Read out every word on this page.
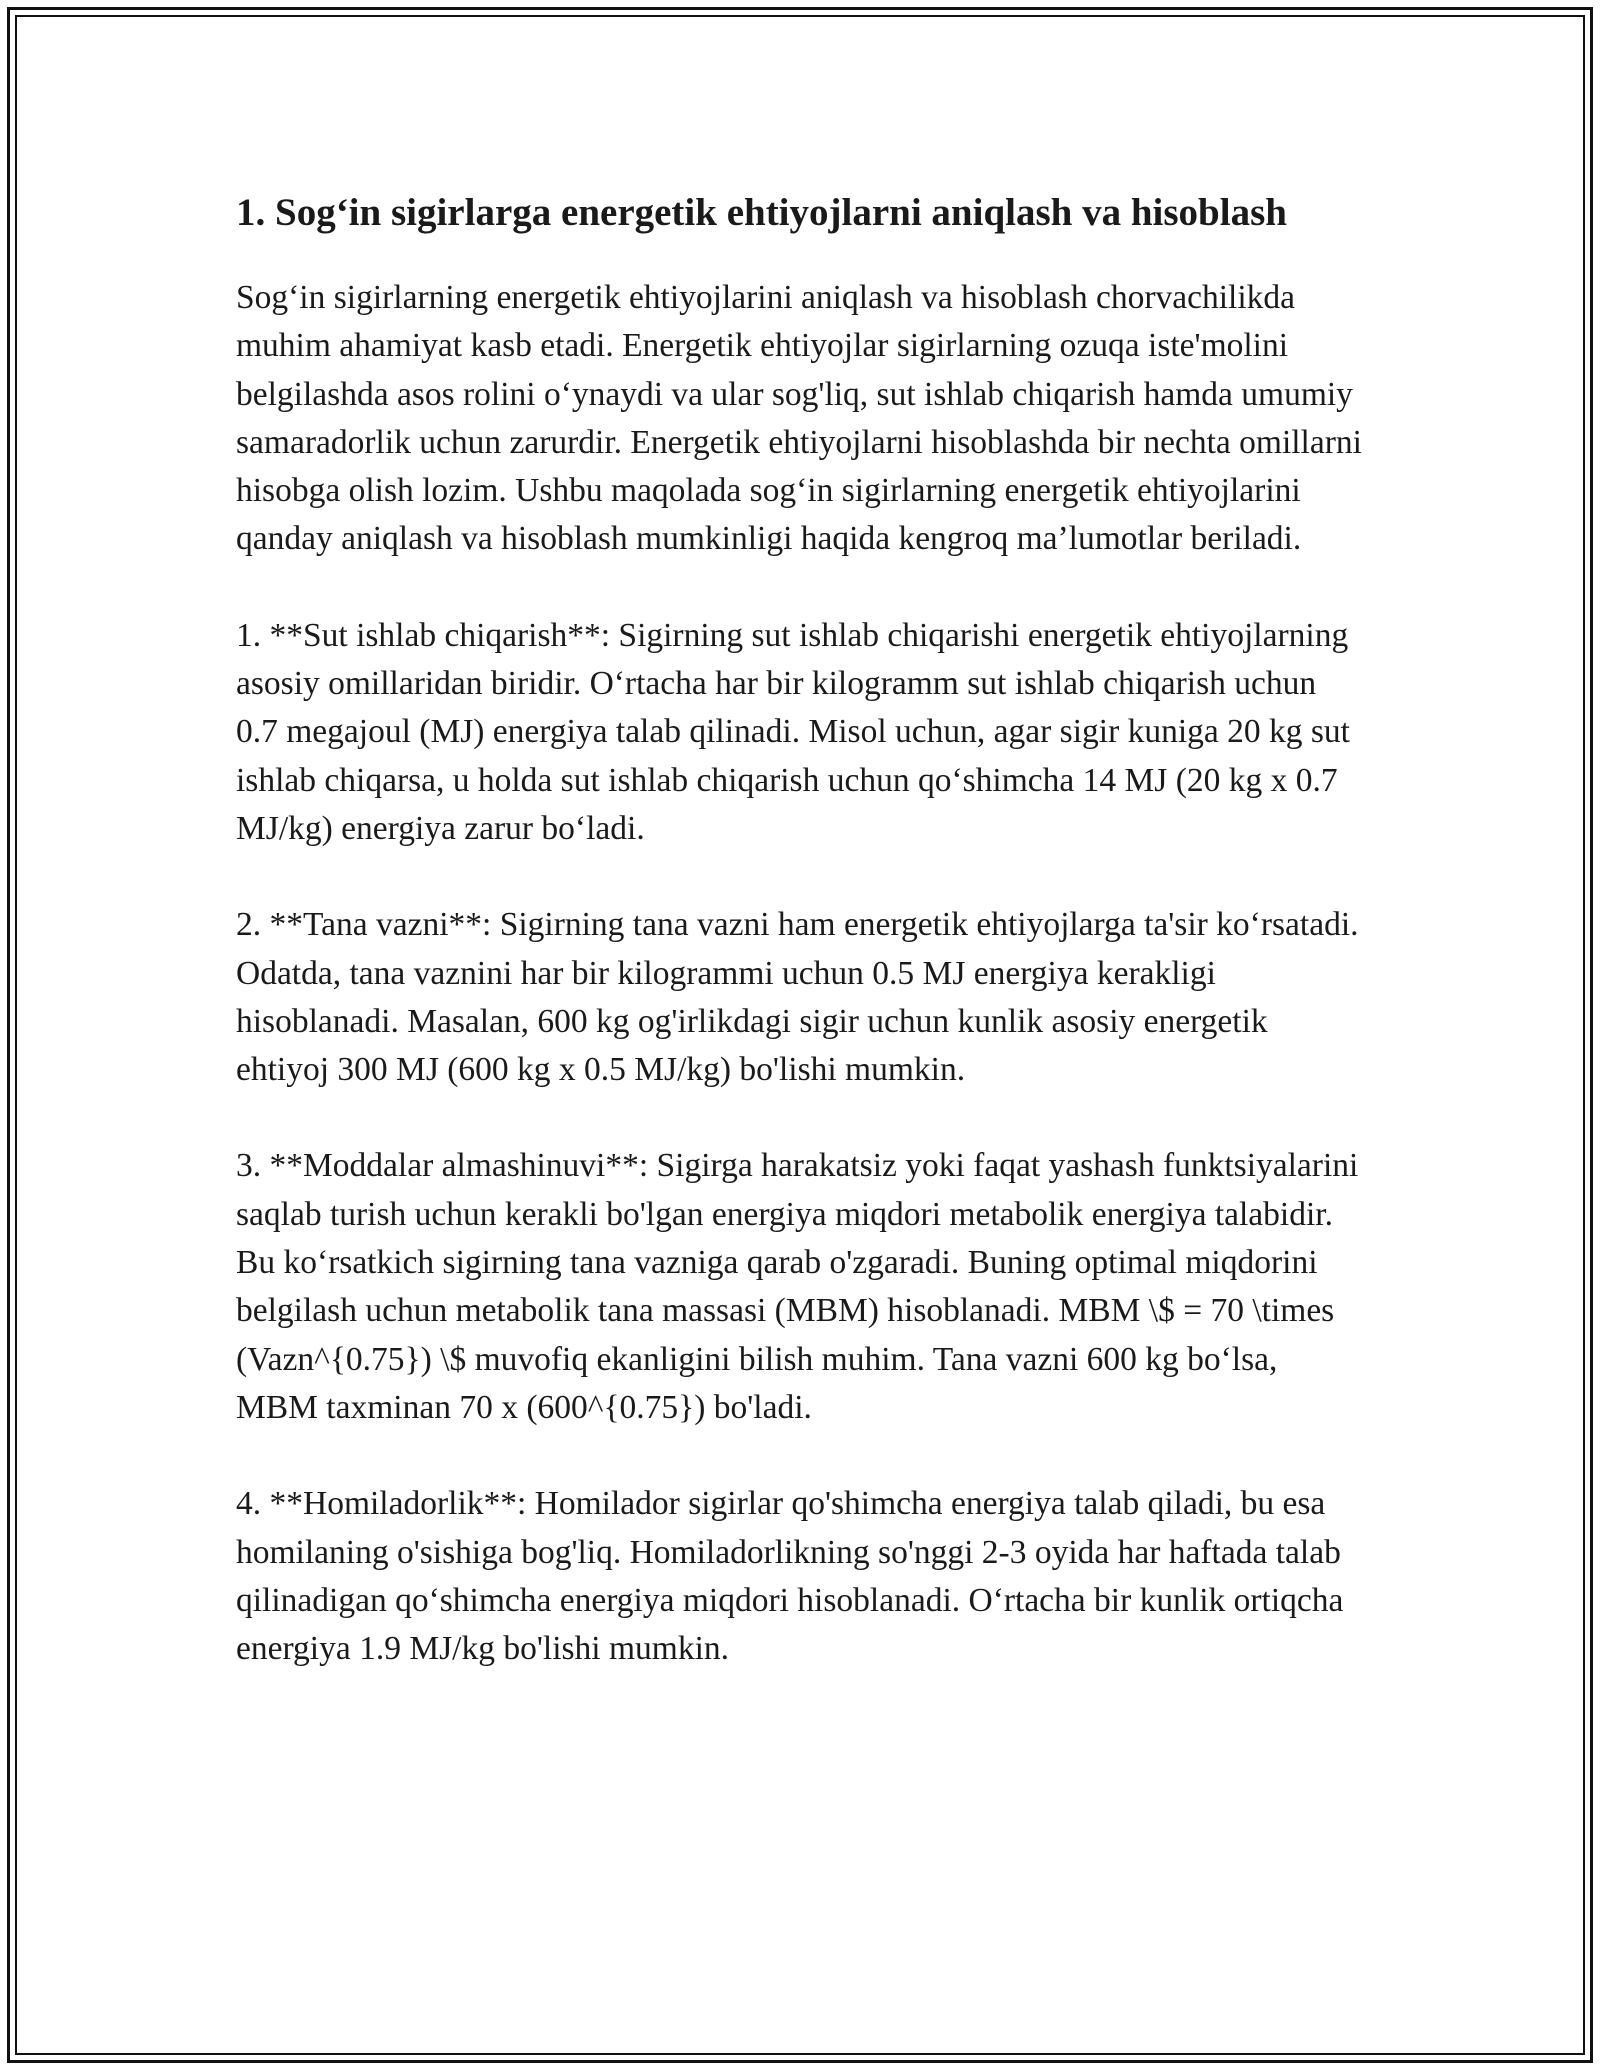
1. Sog‘in sigirlarga energetik ehtiyojlarni aniqlash va hisoblash

Sog‘in sigirlarning energetik ehtiyojlarini aniqlash va hisoblash chorvachilikda muhim ahamiyat kasb etadi. Energetik ehtiyojlar sigirlarning ozuqa iste'molini belgilashda asos rolini o‘ynaydi va ular sog'liq, sut ishlab chiqarish hamda umumiy samaradorlik uchun zarurdir. Energetik ehtiyojlarni hisoblashda bir nechta omillarni hisobga olish lozim. Ushbu maqolada sog‘in sigirlarning energetik ehtiyojlarini qanday aniqlash va hisoblash mumkinligi haqida kengroq ma’lumotlar beriladi.

1. **Sut ishlab chiqarish**: Sigirning sut ishlab chiqarishi energetik ehtiyojlarning asosiy omillaridan biridir. O‘rtacha har bir kilogramm sut ishlab chiqarish uchun 0.7 megajoul (MJ) energiya talab qilinadi. Misol uchun, agar sigir kuniga 20 kg sut ishlab chiqarsa, u holda sut ishlab chiqarish uchun qo‘shimcha 14 MJ (20 kg x 0.7 MJ/kg) energiya zarur bo‘ladi.

2. **Tana vazni**: Sigirning tana vazni ham energetik ehtiyojlarga ta'sir ko‘rsatadi. Odatda, tana vaznini har bir kilogrammi uchun 0.5 MJ energiya kerakligi hisoblanadi. Masalan, 600 kg og'irlikdagi sigir uchun kunlik asosiy energetik ehtiyoj 300 MJ (600 kg x 0.5 MJ/kg) bo'lishi mumkin.

3. **Moddalar almashinuvi**: Sigirga harakatsiz yoki faqat yashash funktsiyalarini saqlab turish uchun kerakli bo'lgan energiya miqdori metabolik energiya talabidir. Bu ko‘rsatkich sigirning tana vazniga qarab o'zgaradi. Buning optimal miqdorini belgilash uchun metabolik tana massasi (MBM) hisoblanadi. MBM \$ = 70 \times (Vazn^{0.75}) \$ muvofiq ekanligini bilish muhim. Tana vazni 600 kg bo‘lsa, MBM taxminan 70 x (600^{0.75}) bo'ladi.

4. **Homiladorlik**: Homilador sigirlar qo'shimcha energiya talab qiladi, bu esa homilaning o'sishiga bog'liq. Homiladorlikning so'nggi 2-3 oyida har haftada talab qilinadigan qo‘shimcha energiya miqdori hisoblanadi. O‘rtacha bir kunlik ortiqcha energiya 1.9 MJ/kg bo'lishi mumkin.
